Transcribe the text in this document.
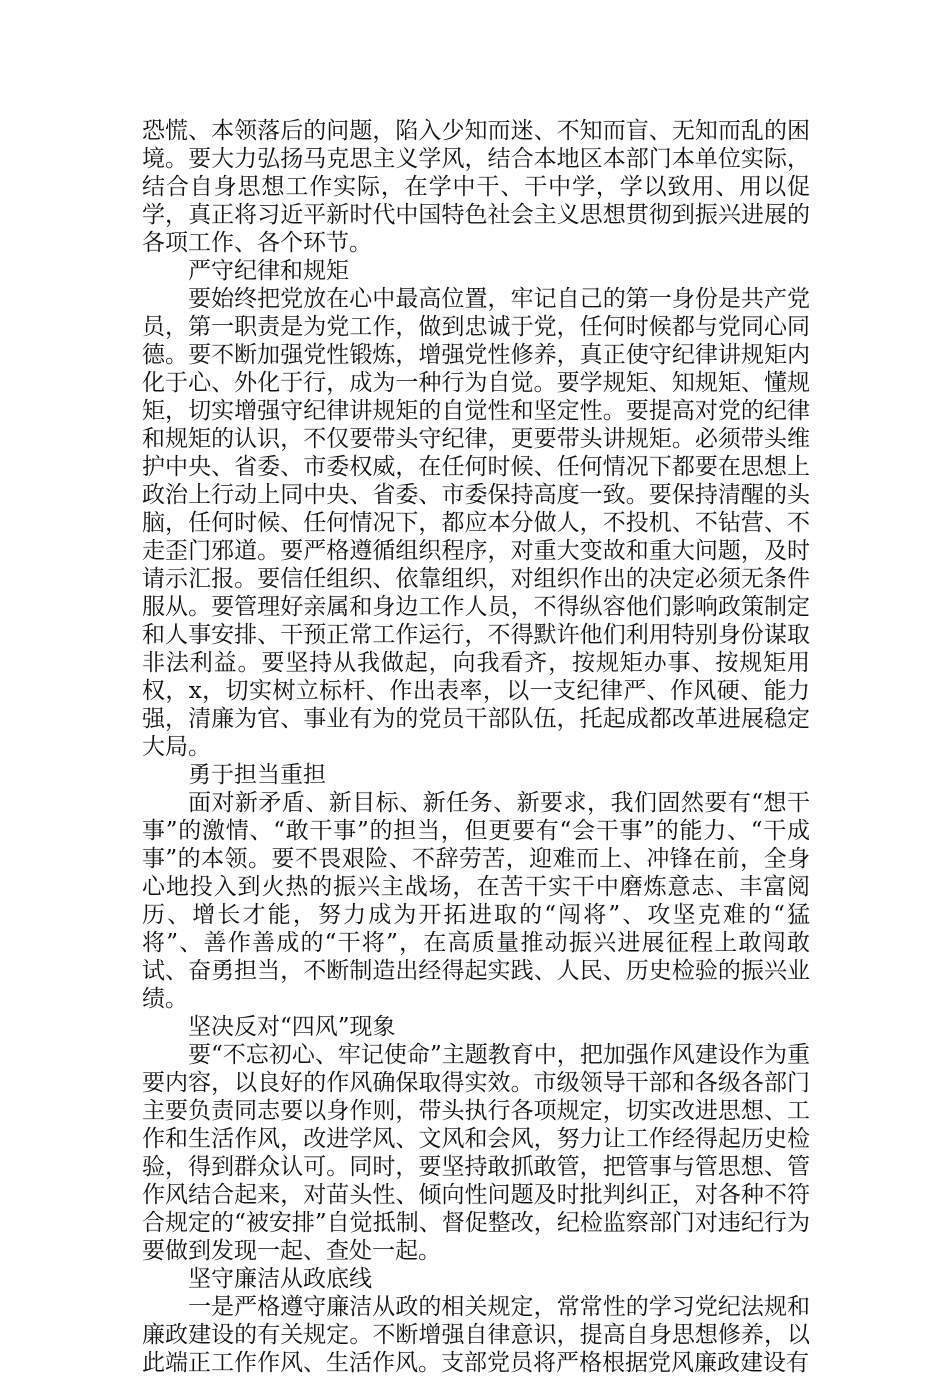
恐慌、本领落后的问题，陷入少知而迷、不知而盲、无知而乱的困境。要大力弘扬马克思主义学风，结合本地区本部门本单位实际，结合自身思想工作实际，在学中干、干中学，学以致用、用以促学，真正将习近平新时代中国特色社会主义思想贯彻到振兴进展的各项工作、各个环节。

严守纪律和规矩

要始终把党放在心中最高位置，牢记自己的第一身份是共产党员，第一职责是为党工作，做到忠诚于党，任何时候都与党同心同德。要不断加强党性锻炼，增强党性修养，真正使守纪律讲规矩内化于心、外化于行，成为一种行为自觉。要学规矩、知规矩、懂规矩，切实增强守纪律讲规矩的自觉性和坚定性。要提高对党的纪律和规矩的认识，不仅要带头守纪律，更要带头讲规矩。必须带头维护中央、省委、市委权威，在任何时候、任何情况下都要在思想上政治上行动上同中央、省委、市委保持高度一致。要保持清醒的头脑，任何时候、任何情况下，都应本分做人，不投机、不钻营、不走歪门邪道。要严格遵循组织程序，对重大变故和重大问题，及时请示汇报。要信任组织、依靠组织，对组织作出的决定必须无条件服从。要管理好亲属和身边工作人员，不得纵容他们影响政策制定和人事安排、干预正常工作运行，不得默许他们利用特别身份谋取非法利益。要坚持从我做起，向我看齐，按规矩办事、按规矩用权，x，切实树立标杆、作出表率，以一支纪律严、作风硬、能力强，清廉为官、事业有为的党员干部队伍，托起成都改革进展稳定大局。

勇于担当重担

面对新矛盾、新目标、新任务、新要求，我们固然要有“想干事”的激情、“敢干事”的担当，但更要有“会干事”的能力、“干成事”的本领。要不畏艰险、不辞劳苦，迎难而上、冲锋在前，全身心地投入到火热的振兴主战场，在苦干实干中磨炼意志、丰富阅历、增长才能，努力成为开拓进取的“闯将”、攻坚克难的“猛将”、善作善成的“干将”，在高质量推动振兴进展征程上敢闯敢试、奋勇担当，不断制造出经得起实践、人民、历史检验的振兴业绩。

坚决反对“四风”现象

要“不忘初心、牢记使命”主题教育中，把加强作风建设作为重要内容，以良好的作风确保取得实效。市级领导干部和各级各部门主要负责同志要以身作则，带头执行各项规定，切实改进思想、工作和生活作风，改进学风、文风和会风，努力让工作经得起历史检验，得到群众认可。同时，要坚持敢抓敢管，把管事与管思想、管作风结合起来，对苗头性、倾向性问题及时批判纠正，对各种不符合规定的“被安排”自觉抵制、督促整改，纪检监察部门对违纪行为要做到发现一起、查处一起。

坚守廉洁从政底线

一是严格遵守廉洁从政的相关规定，常常性的学习党纪法规和廉政建设的有关规定。不断增强自律意识，提高自身思想修养，以此端正工作作风、生活作风。支部党员将严格根据党风廉政建设有
